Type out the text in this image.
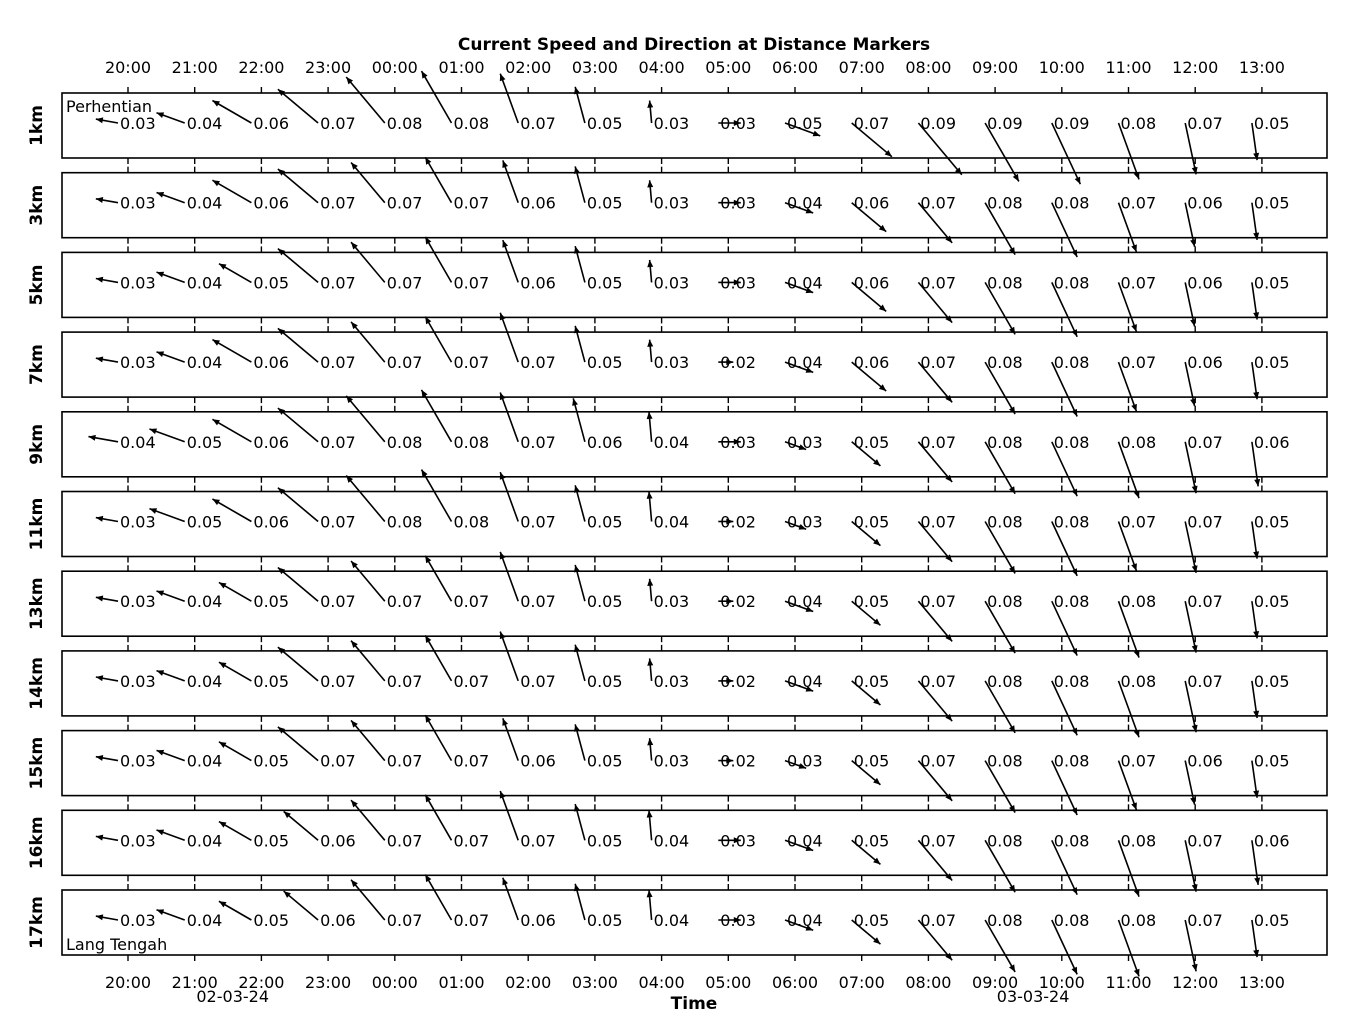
Current Speed and Direction at Distance Markers
20:00 21:00 22:00 23:00 00:00 01:00 02:00 03:00 04:00 05:00 06:00 07:00 08:00 09:00 10:00 11:00 12:00 13:00
1km	0.03 0.04 0.06 0.07 0.08 0.08 0.07 0.05 0.03 0.03 0.05 0.07 0.09 0.09 0.09 0.08 0.07 0.05
3km	0.03 0.04 0.06 0.07 0.07 0.07 0.06 0.05 0.03 0.03 0.04 0.06 0.07 0.08 0.08 0.07 0.06 0.05
5km	0.03 0.04 0.05 0.07 0.07 0.07 0.06 0.05 0.03 0.03 0.04 0.06 0.07 0.08 0.08 0.07 0.06 0.05
7km	0.03 0.04 0.06 0.07 0.07 0.07 0.07 0.05 0.03 0.02 0.04 0.06 0.07 0.08 0.08 0.07 0.06 0.05
9km	0.04 0.05 0.06 0.07 0.08 0.08 0.07 0.06 0.04 0.03 0.03 0.05 0.07 0.08 0.08 0.08 0.07 0.06
11km	0.03 0.05 0.06 0.07 0.08 0.08 0.07 0.05 0.04 0.02 0.03 0.05 0.07 0.08 0.08 0.07 0.07 0.05
13km	0.03 0.04 0.05 0.07 0.07 0.07 0.07 0.05 0.03 0.02 0.04 0.05 0.07 0.08 0.08 0.08 0.07 0.05
14km	0.03 0.04 0.05 0.07 0.07 0.07 0.07 0.05 0.03 0.02 0.04 0.05 0.07 0.08 0.08 0.08 0.07 0.05
15km	0.03 0.04 0.05 0.07 0.07 0.07 0.06 0.05 0.03 0.02 0.03 0.05 0.07 0.08 0.08 0.07 0.06 0.05
16km	0.03 0.04 0.05 0.06 0.07 0.07 0.07 0.05 0.04 0.03 0.04 0.05 0.07 0.08 0.08 0.08 0.07 0.06
17km	0.03 0.04 0.05 0.06 0.07 0.07 0.06 0.05 0.04 0.03 0.04 0.05 0.07 0.08 0.08 0.08 0.07 0.05
20:00 21:00 22:00 23:00 00:00 01:00 02:00 03:00 04:00 05:00 06:00 07:00 08:00 09:00 10:00 11:00 12:00 13:00
02-03-24	03-03-24
Perhentian
Lang Tengah
Time
